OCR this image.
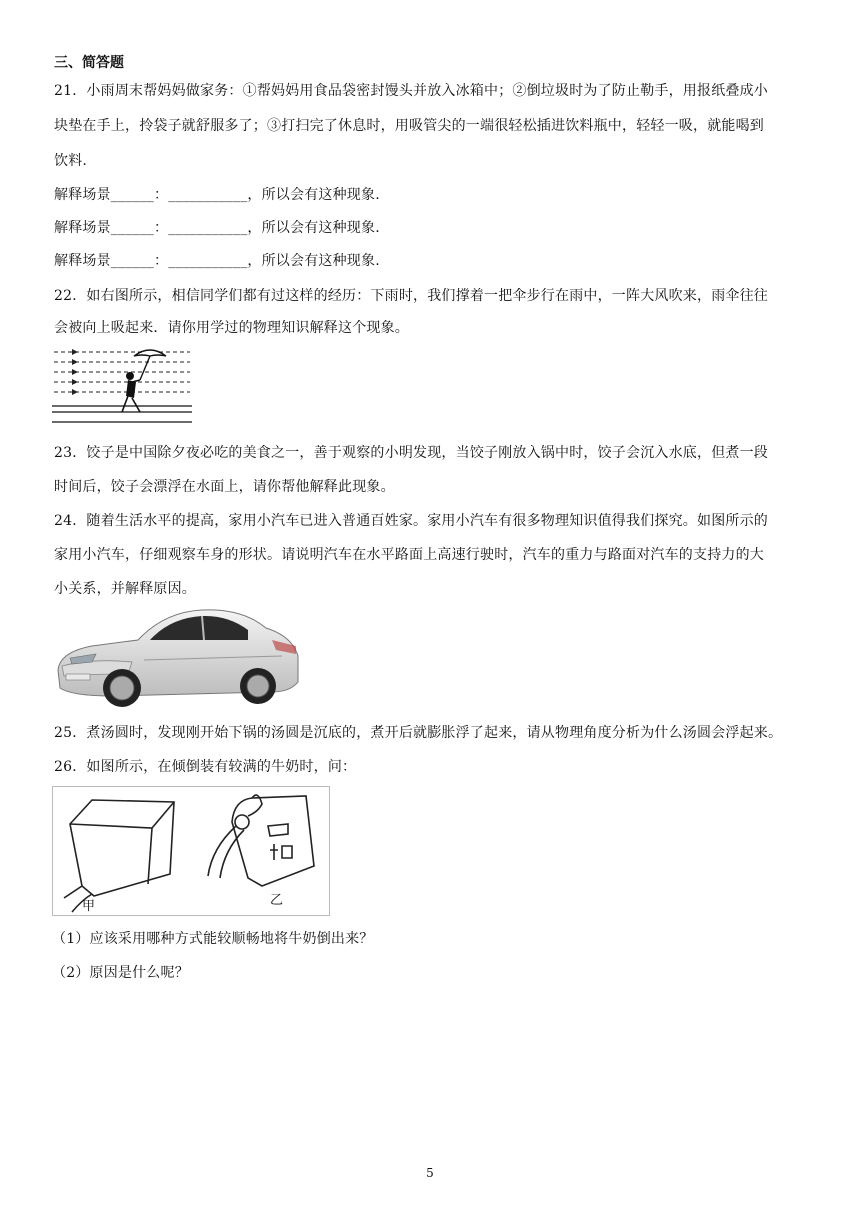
三、简答题
21．小雨周末帮妈妈做家务：①帮妈妈用食品袋密封馒头并放入冰箱中；②倒垃圾时为了防止勒手，用报纸叠成小
块垫在手上，拎袋子就舒服多了；③打扫完了休息时，用吸管尖的一端很轻松插进饮料瓶中，轻轻一吸，就能喝到
饮料.
解释场景______：___________，所以会有这种现象.
解释场景______：___________，所以会有这种现象.
解释场景______：___________，所以会有这种现象.
22．如右图所示，相信同学们都有过这样的经历：下雨时，我们撑着一把伞步行在雨中，一阵大风吹来，雨伞往往
会被向上吸起来．请你用学过的物理知识解释这个现象。
23．饺子是中国除夕夜必吃的美食之一，善于观察的小明发现，当饺子刚放入锅中时，饺子会沉入水底，但煮一段
时间后，饺子会漂浮在水面上，请你帮他解释此现象。
24．随着生活水平的提高，家用小汽车已进入普通百姓家。家用小汽车有很多物理知识值得我们探究。如图所示的
家用小汽车，仔细观察车身的形状。请说明汽车在水平路面上高速行驶时，汽车的重力与路面对汽车的支持力的大
小关系，并解释原因。
25．煮汤圆时，发现刚开始下锅的汤圆是沉底的，煮开后就膨胀浮了起来，请从物理角度分析为什么汤圆会浮起来。
26．如图所示，在倾倒装有较满的牛奶时，问：
甲	乙
（1）应该采用哪种方式能较顺畅地将牛奶倒出来？
（2）原因是什么呢？
5
